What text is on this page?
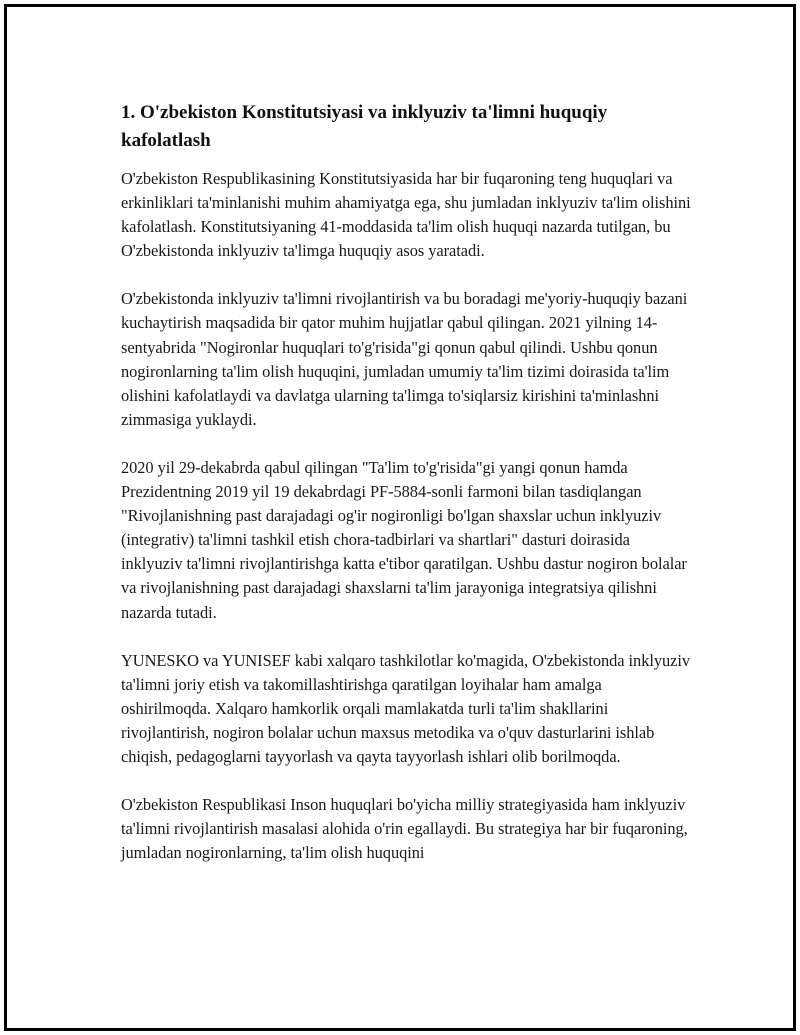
1. O'zbekiston Konstitutsiyasi va inklyuziv ta'limni huquqiy kafolatlash

O'zbekiston Respublikasining Konstitutsiyasida har bir fuqaroning teng huquqlari va erkinliklari ta'minlanishi muhim ahamiyatga ega, shu jumladan inklyuziv ta'lim olishini kafolatlash. Konstitutsiyaning 41-moddasida ta'lim olish huquqi nazarda tutilgan, bu O'zbekistonda inklyuziv ta'limga huquqiy asos yaratadi.

O'zbekistonda inklyuziv ta'limni rivojlantirish va bu boradagi me'yoriy-huquqiy bazani kuchaytirish maqsadida bir qator muhim hujjatlar qabul qilingan. 2021 yilning 14-sentyabrida "Nogironlar huquqlari to'g'risida"gi qonun qabul qilindi. Ushbu qonun nogironlarning ta'lim olish huquqini, jumladan umumiy ta'lim tizimi doirasida ta'lim olishini kafolatlaydi va davlatga ularning ta'limga to'siqlarsiz kirishini ta'minlashni zimmasiga yuklaydi.

2020 yil 29-dekabrda qabul qilingan "Ta'lim to'g'risida"gi yangi qonun hamda Prezidentning 2019 yil 19 dekabrdagi PF-5884-sonli farmoni bilan tasdiqlangan "Rivojlanishning past darajadagi og'ir nogironligi bo'lgan shaxslar uchun inklyuziv (integrativ) ta'limni tashkil etish chora-tadbirlari va shartlari" dasturi doirasida inklyuziv ta'limni rivojlantirishga katta e'tibor qaratilgan. Ushbu dastur nogiron bolalar va rivojlanishning past darajadagi shaxslarni ta'lim jarayoniga integratsiya qilishni nazarda tutadi.

YUNESKO va YUNISEF kabi xalqaro tashkilotlar ko'magida, O'zbekistonda inklyuziv ta'limni joriy etish va takomillashtirishga qaratilgan loyihalar ham amalga oshirilmoqda. Xalqaro hamkorlik orqali mamlakatda turli ta'lim shakllarini rivojlantirish, nogiron bolalar uchun maxsus metodika va o'quv dasturlarini ishlab chiqish, pedagoglarni tayyorlash va qayta tayyorlash ishlari olib borilmoqda.

O'zbekiston Respublikasi Inson huquqlari bo'yicha milliy strategiyasida ham inklyuziv ta'limni rivojlantirish masalasi alohida o'rin egallaydi. Bu strategiya har bir fuqaroning, jumladan nogironlarning, ta'lim olish huquqini
